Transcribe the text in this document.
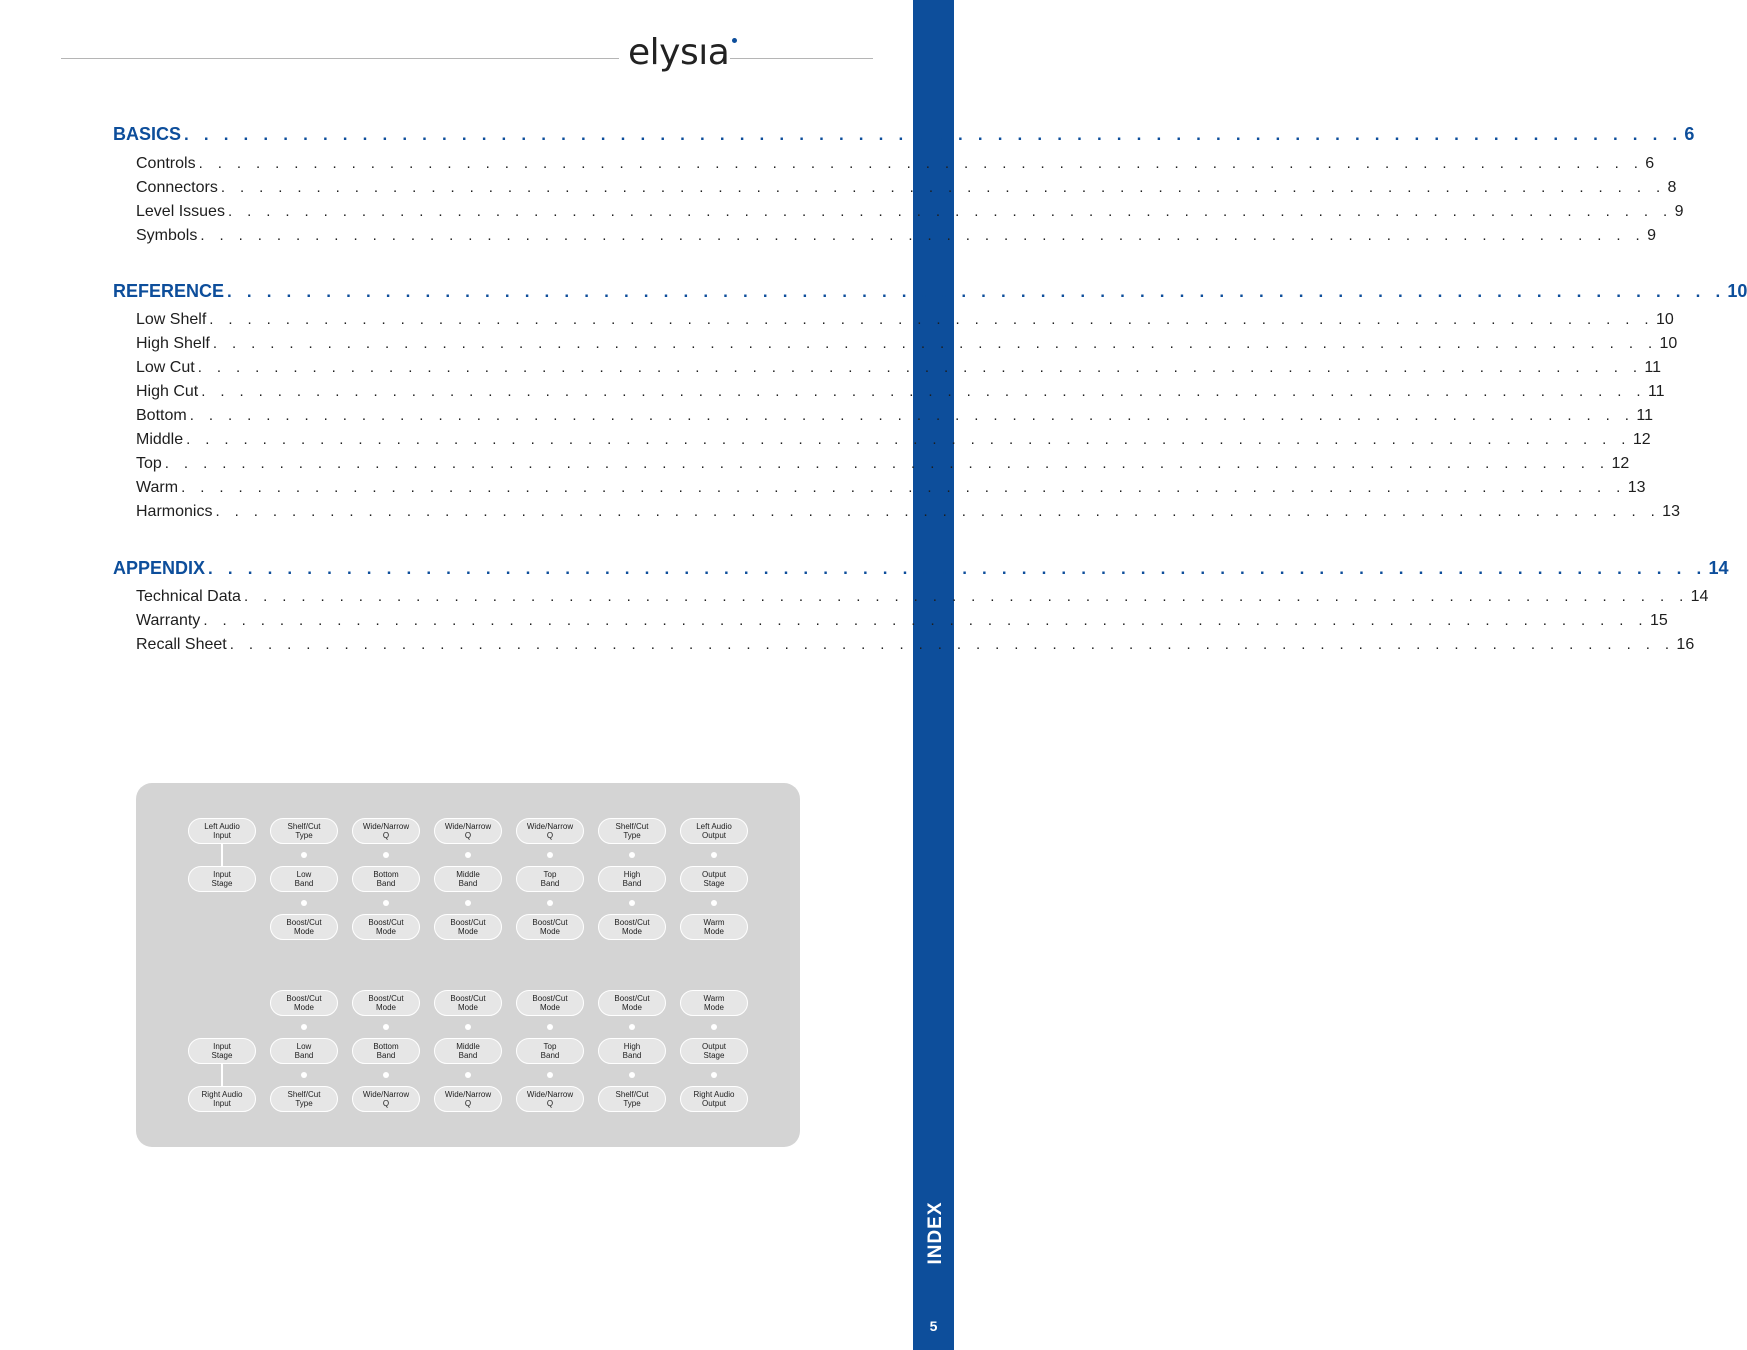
elysıa
INDEX
5
BASICS . . . . . . . . . . . . . . . . . . . . . . . . . . . . . . . . . . . . . . . . . . . . . . . . . . . . . . . . . . . . . . . . . . . . . . . . . . . . 6
Controls . . . . . . . . . . . . . . . . . . . . . . . . . . . . . . . . . . . . . . . . . . . . . . . . . . . . . . . . . . . . . . . . . . . . . . . . . . . . 6
Connectors . . . . . . . . . . . . . . . . . . . . . . . . . . . . . . . . . . . . . . . . . . . . . . . . . . . . . . . . . . . . . . . . . . . . . . . . . . . . 8
Level Issues . . . . . . . . . . . . . . . . . . . . . . . . . . . . . . . . . . . . . . . . . . . . . . . . . . . . . . . . . . . . . . . . . . . . . . . . . . . . 9
Symbols . . . . . . . . . . . . . . . . . . . . . . . . . . . . . . . . . . . . . . . . . . . . . . . . . . . . . . . . . . . . . . . . . . . . . . . . . . . . 9
REFERENCE . . . . . . . . . . . . . . . . . . . . . . . . . . . . . . . . . . . . . . . . . . . . . . . . . . . . . . . . . . . . . . . . . . . . . . . . . . . . 10
Low Shelf . . . . . . . . . . . . . . . . . . . . . . . . . . . . . . . . . . . . . . . . . . . . . . . . . . . . . . . . . . . . . . . . . . . . . . . . . . . . 10
High Shelf . . . . . . . . . . . . . . . . . . . . . . . . . . . . . . . . . . . . . . . . . . . . . . . . . . . . . . . . . . . . . . . . . . . . . . . . . . . . 10
Low Cut . . . . . . . . . . . . . . . . . . . . . . . . . . . . . . . . . . . . . . . . . . . . . . . . . . . . . . . . . . . . . . . . . . . . . . . . . . . . 11
High Cut . . . . . . . . . . . . . . . . . . . . . . . . . . . . . . . . . . . . . . . . . . . . . . . . . . . . . . . . . . . . . . . . . . . . . . . . . . . . 11
Bottom . . . . . . . . . . . . . . . . . . . . . . . . . . . . . . . . . . . . . . . . . . . . . . . . . . . . . . . . . . . . . . . . . . . . . . . . . . . . 11
Middle . . . . . . . . . . . . . . . . . . . . . . . . . . . . . . . . . . . . . . . . . . . . . . . . . . . . . . . . . . . . . . . . . . . . . . . . . . . . 12
Top . . . . . . . . . . . . . . . . . . . . . . . . . . . . . . . . . . . . . . . . . . . . . . . . . . . . . . . . . . . . . . . . . . . . . . . . . . . . 12
Warm . . . . . . . . . . . . . . . . . . . . . . . . . . . . . . . . . . . . . . . . . . . . . . . . . . . . . . . . . . . . . . . . . . . . . . . . . . . . 13
Harmonics . . . . . . . . . . . . . . . . . . . . . . . . . . . . . . . . . . . . . . . . . . . . . . . . . . . . . . . . . . . . . . . . . . . . . . . . . . . . 13
APPENDIX . . . . . . . . . . . . . . . . . . . . . . . . . . . . . . . . . . . . . . . . . . . . . . . . . . . . . . . . . . . . . . . . . . . . . . . . . . . . 14
Technical Data . . . . . . . . . . . . . . . . . . . . . . . . . . . . . . . . . . . . . . . . . . . . . . . . . . . . . . . . . . . . . . . . . . . . . . . . . . . . 14
Warranty . . . . . . . . . . . . . . . . . . . . . . . . . . . . . . . . . . . . . . . . . . . . . . . . . . . . . . . . . . . . . . . . . . . . . . . . . . . . 15
Recall Sheet . . . . . . . . . . . . . . . . . . . . . . . . . . . . . . . . . . . . . . . . . . . . . . . . . . . . . . . . . . . . . . . . . . . . . . . . . . . . 16
Left Audio
Input
Shelf/Cut
Type
Wide/Narrow
Q
Wide/Narrow
Q
Wide/Narrow
Q
Shelf/Cut
Type
Left Audio
Output
Input
Stage
Low
Band
Bottom
Band
Middle
Band
Top
Band
High
Band
Output
Stage
Boost/Cut
Mode
Boost/Cut
Mode
Boost/Cut
Mode
Boost/Cut
Mode
Boost/Cut
Mode
Warm
Mode
Boost/Cut
Mode
Boost/Cut
Mode
Boost/Cut
Mode
Boost/Cut
Mode
Boost/Cut
Mode
Warm
Mode
Input
Stage
Low
Band
Bottom
Band
Middle
Band
Top
Band
High
Band
Output
Stage
Right Audio
Input
Shelf/Cut
Type
Wide/Narrow
Q
Wide/Narrow
Q
Wide/Narrow
Q
Shelf/Cut
Type
Right Audio
Output
